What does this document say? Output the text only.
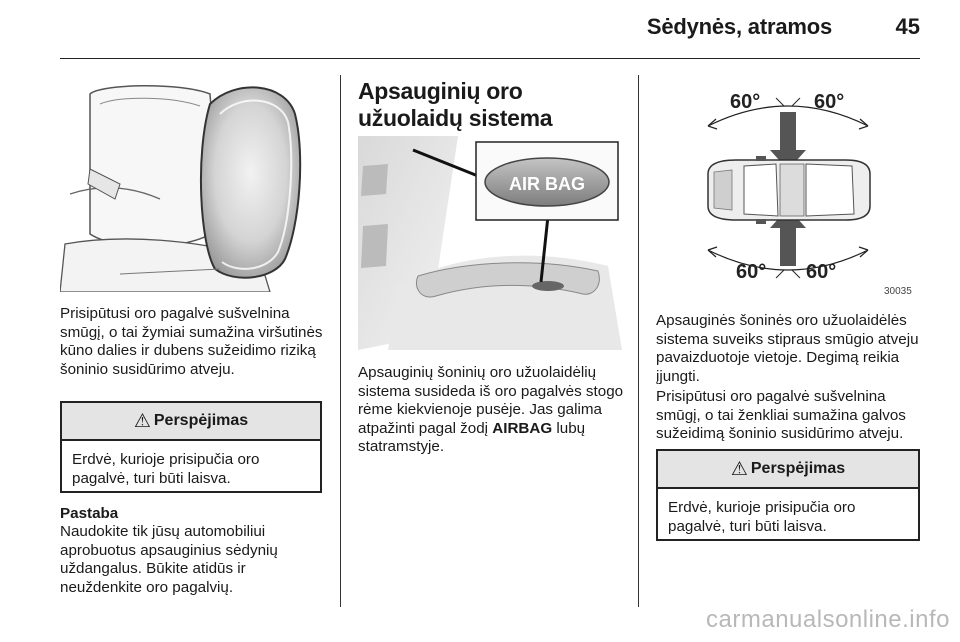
Sėdynės, atramos	45
Prisipūtusi oro pagalvė sušvelnina smūgį, o tai žymiai sumažina viršutinės kūno dalies ir dubens sužeidimo riziką šoninio susidūrimo atveju.
⚠ Perspėjimas
Erdvė, kurioje prisipučia oro pagalvė, turi būti laisva.
Pastaba
Naudokite tik jūsų automobiliui aprobuotus apsauginius sėdynių uždangalus. Būkite atidūs ir neuždenkite oro pagalvių.
Apsauginių oro užuolaidų sistema
AIR BAG
Apsauginių šoninių oro užuolaidėlių sistema susideda iš oro pagalvės stogo rėme kiekvienoje pusėje. Jas galima atpažinti pagal žodį AIRBAG lubų statramstyje.
60°	60°
60° 60°
30035
Apsauginės šoninės oro užuolaidėlės sistema suveiks stipraus smūgio atveju pavaizduotoje vietoje. Degimą reikia įjungti.
Prisipūtusi oro pagalvė sušvelnina smūgį, o tai ženkliai sumažina galvos sužeidimą šoninio susidūrimo atveju.
⚠ Perspėjimas
Erdvė, kurioje prisipučia oro pagalvė, turi būti laisva.
carmanualsonline.info
